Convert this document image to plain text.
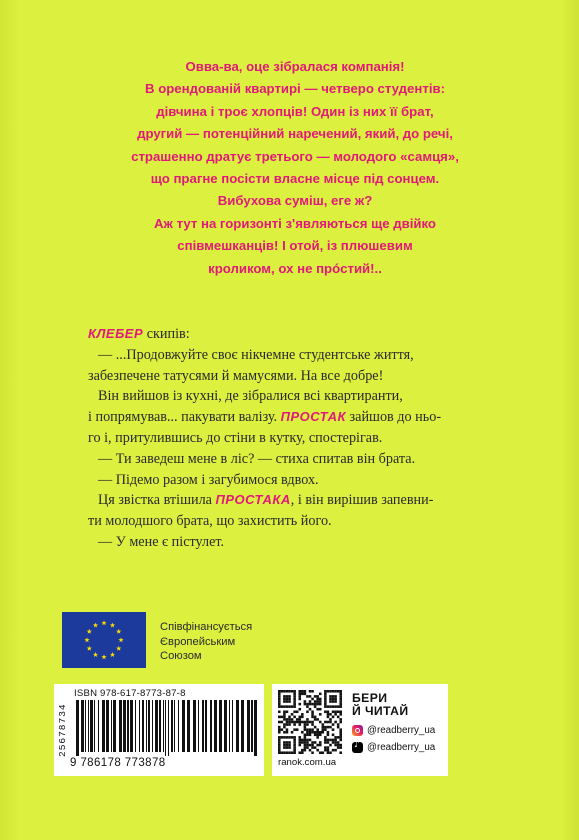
Овва-ва, оце зібралася компанія!
В орендованій квартирі — четверо студентів:
дівчина і троє хлопців! Один із них її брат,
другий — потенційний наречений, який, до речі,
страшенно дратує третього — молодого «самця»,
що прагне посісти власне місце під сонцем.
Вибухова суміш, еге ж?
Аж тут на горизонті з'являються ще двійко
співмешканців! І отой, із плюшевим
кроликом, ох не прóстий!..
КЛЕБЕР скипів:
— ...Продовжуйте своє нікчемне студентське життя,
забезпечене татусями й мамусями. На все добре!
Він вийшов із кухні, де зібралися всі квартиранти,
і попрямував... пакувати валізу. ПРОСТАК зайшов до ньо-
го і, притулившись до стіни в кутку, спостерігав.
— Ти заведеш мене в ліс? — стиха спитав він брата.
— Підемо разом і загубимося вдвох.
Ця звістка втішила ПРОСТАКА, і він вирішив запевни-
ти молодшого брата, що захистить його.
— У мене є пістулет.
Співфінансується
Європейським
Союзом
25678734
ISBN 978-617-8773-87-8
9 786178 773878	ranok.com.ua
БЕРИ
Й ЧИТАЙ
@readberry_ua
♪
@readberry_ua
